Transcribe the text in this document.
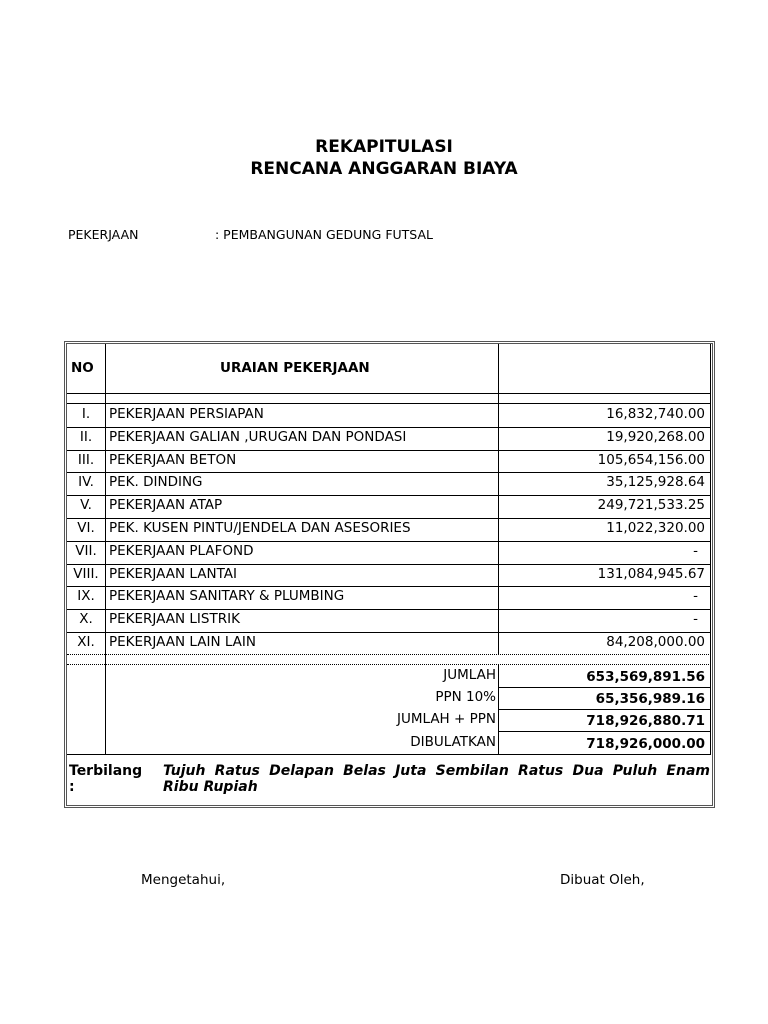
REKAPITULASI
RENCANA ANGGARAN BIAYA
PEKERJAAN	: PEMBANGUNAN GEDUNG FUTSAL
NO	URAIAN PEKERJAAN
I.	PEKERJAAN PERSIAPAN	16,832,740.00
II.	PEKERJAAN GALIAN ,URUGAN DAN PONDASI	19,920,268.00
III.	PEKERJAAN BETON	105,654,156.00
IV.	PEK. DINDING	35,125,928.64
V.	PEKERJAAN ATAP	249,721,533.25
VI.	PEK. KUSEN PINTU/JENDELA DAN ASESORIES	11,022,320.00
VII. PEKERJAAN PLAFOND	-
VIII. PEKERJAAN LANTAI	131,084,945.67
IX.	PEKERJAAN SANITARY & PLUMBING	-
X.	PEKERJAAN LISTRIK	-
XI.	PEKERJAAN LAIN LAIN	84,208,000.00
JUMLAH	653,569,891.56
PPN 10%	65,356,989.16
JUMLAH + PPN	718,926,880.71
DIBULATKAN	718,926,000.00
Terbilang :
Tujuh Ratus Delapan Belas Juta Sembilan Ratus Dua Puluh Enam Ribu Rupiah
Mengetahui,	Dibuat Oleh,
